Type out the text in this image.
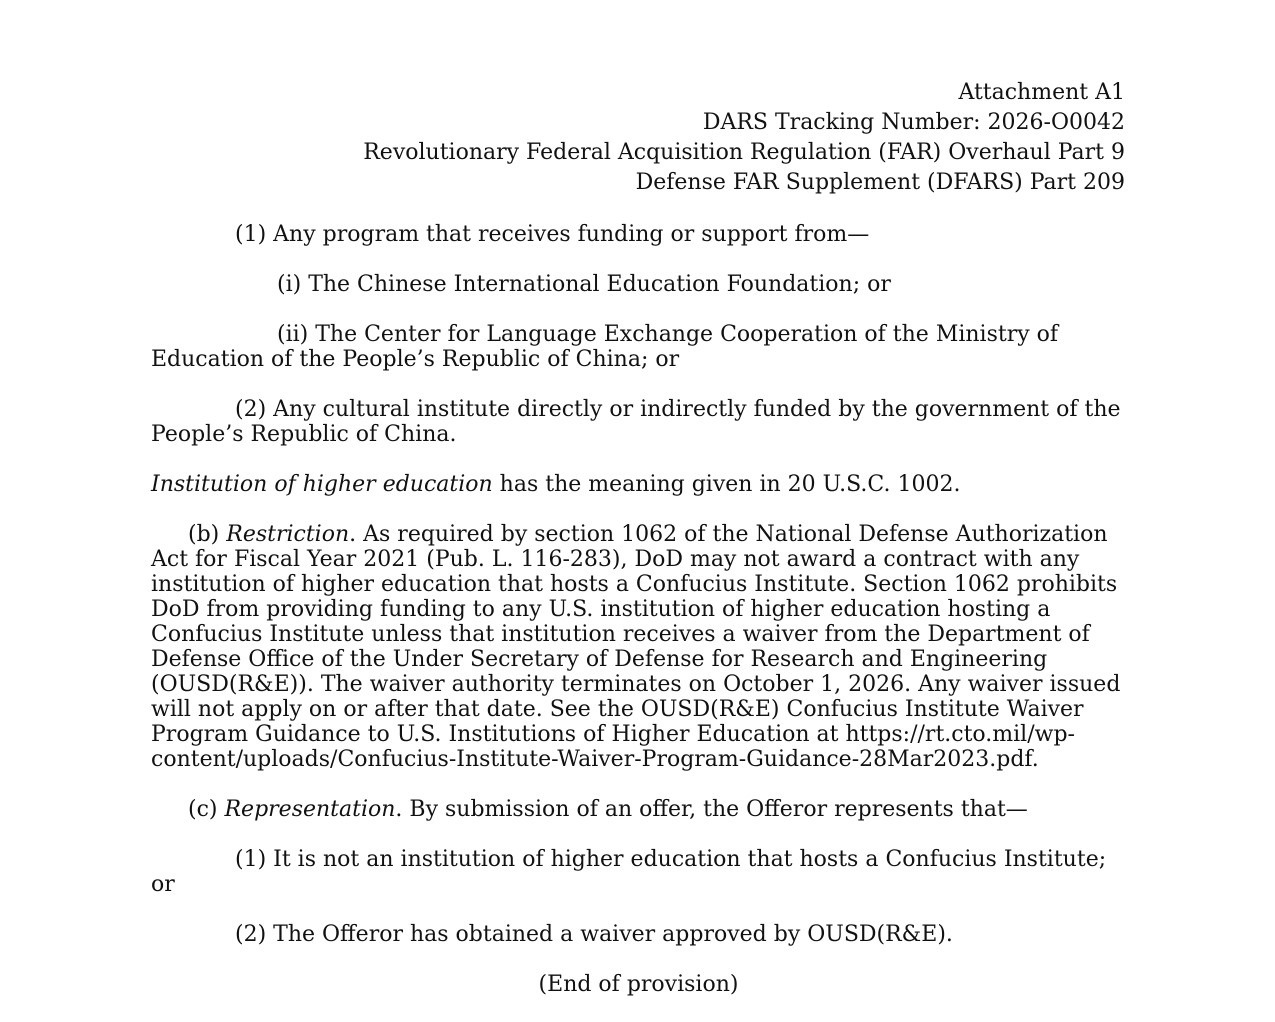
Attachment A1
DARS Tracking Number: 2026-O0042
Revolutionary Federal Acquisition Regulation (FAR) Overhaul Part 9
Defense FAR Supplement (DFARS) Part 209

(1) Any program that receives funding or support from—

(i) The Chinese International Education Foundation; or

(ii) The Center for Language Exchange Cooperation of the Ministry of Education of the People’s Republic of China; or

(2) Any cultural institute directly or indirectly funded by the government of the People’s Republic of China.

Institution of higher education has the meaning given in 20 U.S.C. 1002.

(b) Restriction. As required by section 1062 of the National Defense Authorization Act for Fiscal Year 2021 (Pub. L. 116-283), DoD may not award a contract with any institution of higher education that hosts a Confucius Institute. Section 1062 prohibits DoD from providing funding to any U.S. institution of higher education hosting a Confucius Institute unless that institution receives a waiver from the Department of Defense Office of the Under Secretary of Defense for Research and Engineering (OUSD(R&E)). The waiver authority terminates on October 1, 2026. Any waiver issued will not apply on or after that date. See the OUSD(R&E) Confucius Institute Waiver Program Guidance to U.S. Institutions of Higher Education at https://rt.cto.mil/wp-content/uploads/Confucius-Institute-Waiver-Program-Guidance-28Mar2023.pdf.

(c) Representation. By submission of an offer, the Offeror represents that—

(1) It is not an institution of higher education that hosts a Confucius Institute; or

(2) The Offeror has obtained a waiver approved by OUSD(R&E).

(End of provision)
